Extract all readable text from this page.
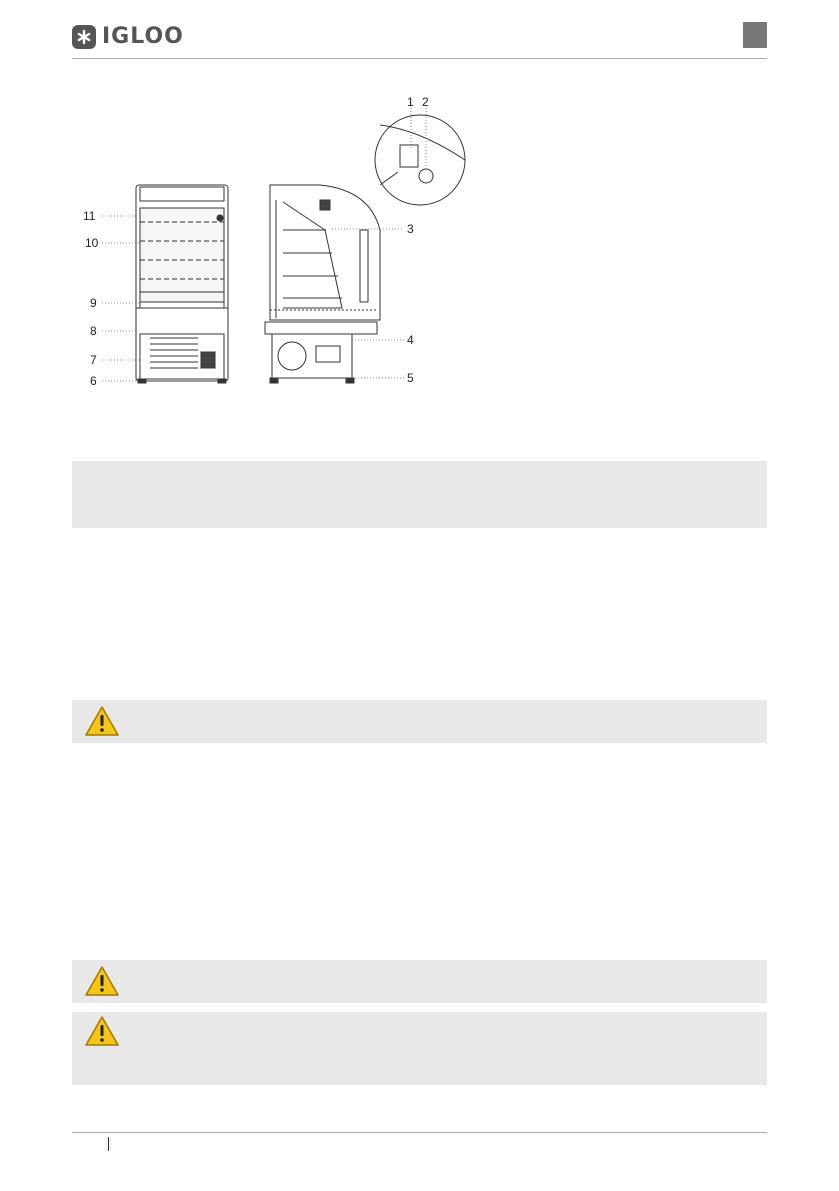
IGLOO
11
10
9
8
7
6
3
4
5
1 2
